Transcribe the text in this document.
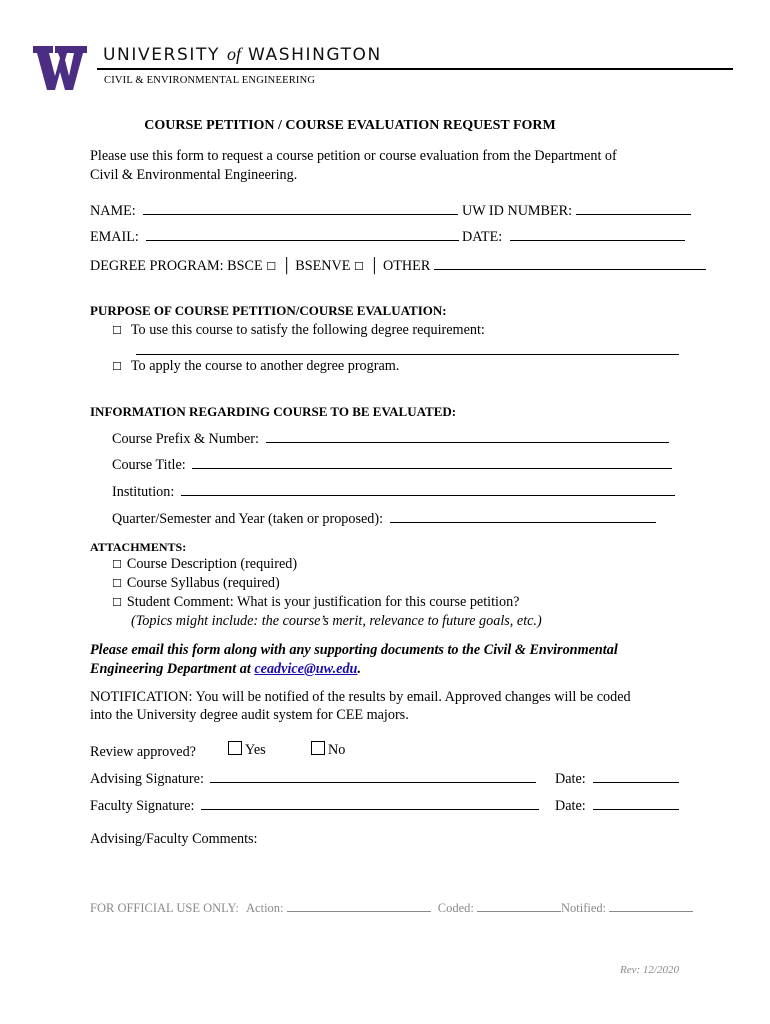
UNIVERSITY of WASHINGTON
CIVIL & ENVIRONMENTAL ENGINEERING
COURSE PETITION / COURSE EVALUATION REQUEST FORM
Please use this form to request a course petition or course evaluation from the Department of
Civil & Environmental Engineering.
NAME:	UW ID NUMBER:
EMAIL:	DATE:
DEGREE PROGRAM: BSCE ☐ │ BSENVE ☐ │ OTHER
PURPOSE OF COURSE PETITION/COURSE EVALUATION:
☐ To use this course to satisfy the following degree requirement:
☐ To apply the course to another degree program.
INFORMATION REGARDING COURSE TO BE EVALUATED:
Course Prefix & Number:
Course Title:
Institution:
Quarter/Semester and Year (taken or proposed):
ATTACHMENTS:
☐ Course Description (required)
☐ Course Syllabus (required)
☐ Student Comment: What is your justification for this course petition?
(Topics might include: the course’s merit, relevance to future goals, etc.)
Please email this form along with any supporting documents to the Civil & Environmental
Engineering Department at ceadvice@uw.edu.
NOTIFICATION: You will be notified of the results by email. Approved changes will be coded
into the University degree audit system for CEE majors.
Review approved?	Yes	No
Advising Signature:	Date:
Faculty Signature:	Date:
Advising/Faculty Comments:
FOR OFFICIAL USE ONLY: Action:	Coded:	Notified:
Rev: 12/2020
